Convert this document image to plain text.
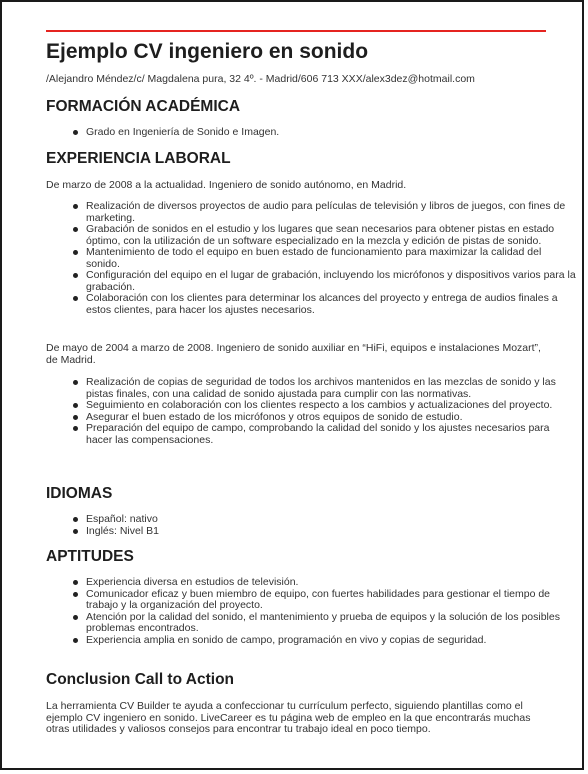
Ejemplo CV ingeniero en sonido
/Alejandro Méndez/c/ Magdalena pura, 32 4º. - Madrid/606 713 XXX/alex3dez@hotmail.com
FORMACIÓN ACADÉMICA
Grado en Ingeniería de Sonido e Imagen.
EXPERIENCIA LABORAL
De marzo de 2008 a la actualidad. Ingeniero de sonido autónomo, en Madrid.
Realización de diversos proyectos de audio para películas de televisión y libros de juegos, con fines de marketing.
Grabación de sonidos en el estudio y los lugares que sean necesarios para obtener pistas en estado óptimo, con la utilización de un software especializado en la mezcla y edición de pistas de sonido.
Mantenimiento de todo el equipo en buen estado de funcionamiento para maximizar la calidad del sonido.
Configuración del equipo en el lugar de grabación, incluyendo los micrófonos y dispositivos varios para la grabación.
Colaboración con los clientes para determinar los alcances del proyecto y entrega de audios finales a estos clientes, para hacer los ajustes necesarios.
De mayo de 2004 a marzo de 2008. Ingeniero de sonido auxiliar en “HiFi, equipos e instalaciones Mozart”, de Madrid.
Realización de copias de seguridad de todos los archivos mantenidos en las mezclas de sonido y las pistas finales, con una calidad de sonido ajustada para cumplir con las normativas.
Seguimiento en colaboración con los clientes respecto a los cambios y actualizaciones del proyecto.
Asegurar el buen estado de los micrófonos y otros equipos de sonido de estudio.
Preparación del equipo de campo, comprobando la calidad del sonido y los ajustes necesarios para hacer las compensaciones.
IDIOMAS
Español: nativo
Inglés: Nivel B1
APTITUDES
Experiencia diversa en estudios de televisión.
Comunicador eficaz y buen miembro de equipo, con fuertes habilidades para gestionar el tiempo de trabajo y la organización del proyecto.
Atención por la calidad del sonido, el mantenimiento y prueba de equipos y la solución de los posibles problemas encontrados.
Experiencia amplia en sonido de campo, programación en vivo y copias de seguridad.
Conclusion Call to Action
La herramienta CV Builder te ayuda a confeccionar tu currículum perfecto, siguiendo plantillas como el ejemplo CV ingeniero en sonido. LiveCareer es tu página web de empleo en la que encontrarás muchas otras utilidades y valiosos consejos para encontrar tu trabajo ideal en poco tiempo.
